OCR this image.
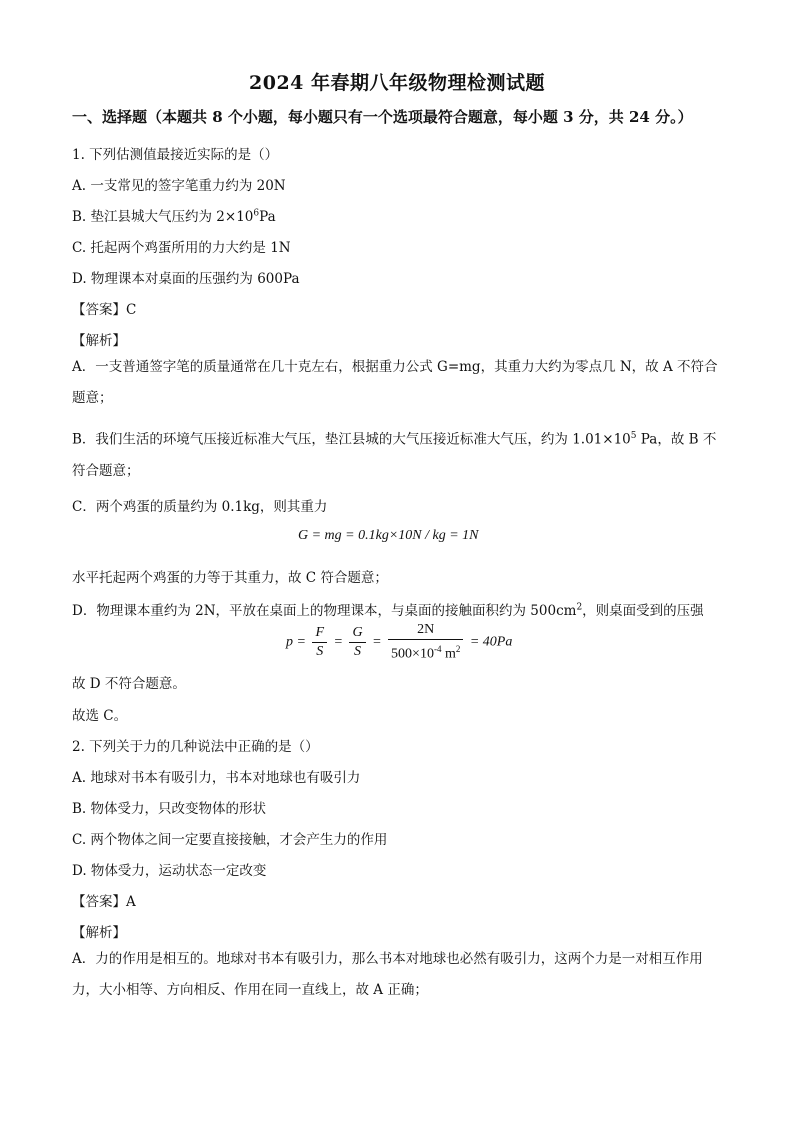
2024 年春期八年级物理检测试题
一、选择题（本题共 8 个小题，每小题只有一个选项最符合题意，每小题 3 分，共 24 分。）
1. 下列估测值最接近实际的是（）
A. 一支常见的签字笔重力约为 20N
B. 垫江县城大气压约为 $2\times 10^6Pa$
C. 托起两个鸡蛋所用的力大约是 1N
D. 物理课本对桌面的压强约为 600Pa
【答案】C
【解析】
A．一支普通签字笔的质量通常在几十克左右，根据重力公式 G=mg，其重力大约为零点几 N，故 A 不符合题意；
B．我们生活的环境气压接近标准大气压，垫江县城的大气压接近标准大气压，约为 $1.01\times 10^5$ Pa，故 B 不符合题意；
C．两个鸡蛋的质量约为 0.1kg，则其重力
G = mg = 0.1kg×10N / kg = 1N
水平托起两个鸡蛋的力等于其重力，故 C 符合题意；
D．物理课本重约为 2N，平放在桌面上的物理课本，与桌面的接触面积约为 $500cm^2$，则桌面受到的压强
$p = \frac{F}{S} = \frac{G}{S} = \frac{2N}{500\times 10^{-4} m^2} = 40Pa$
故 D 不符合题意。
故选 C。
2. 下列关于力的几种说法中正确的是（）
A. 地球对书本有吸引力，书本对地球也有吸引力
B. 物体受力，只改变物体的形状
C. 两个物体之间一定要直接接触，才会产生力的作用
D. 物体受力，运动状态一定改变
【答案】A
【解析】
A．力的作用是相互的。地球对书本有吸引力，那么书本对地球也必然有吸引力，这两个力是一对相互作用力，大小相等、方向相反、作用在同一直线上，故 A 正确；
